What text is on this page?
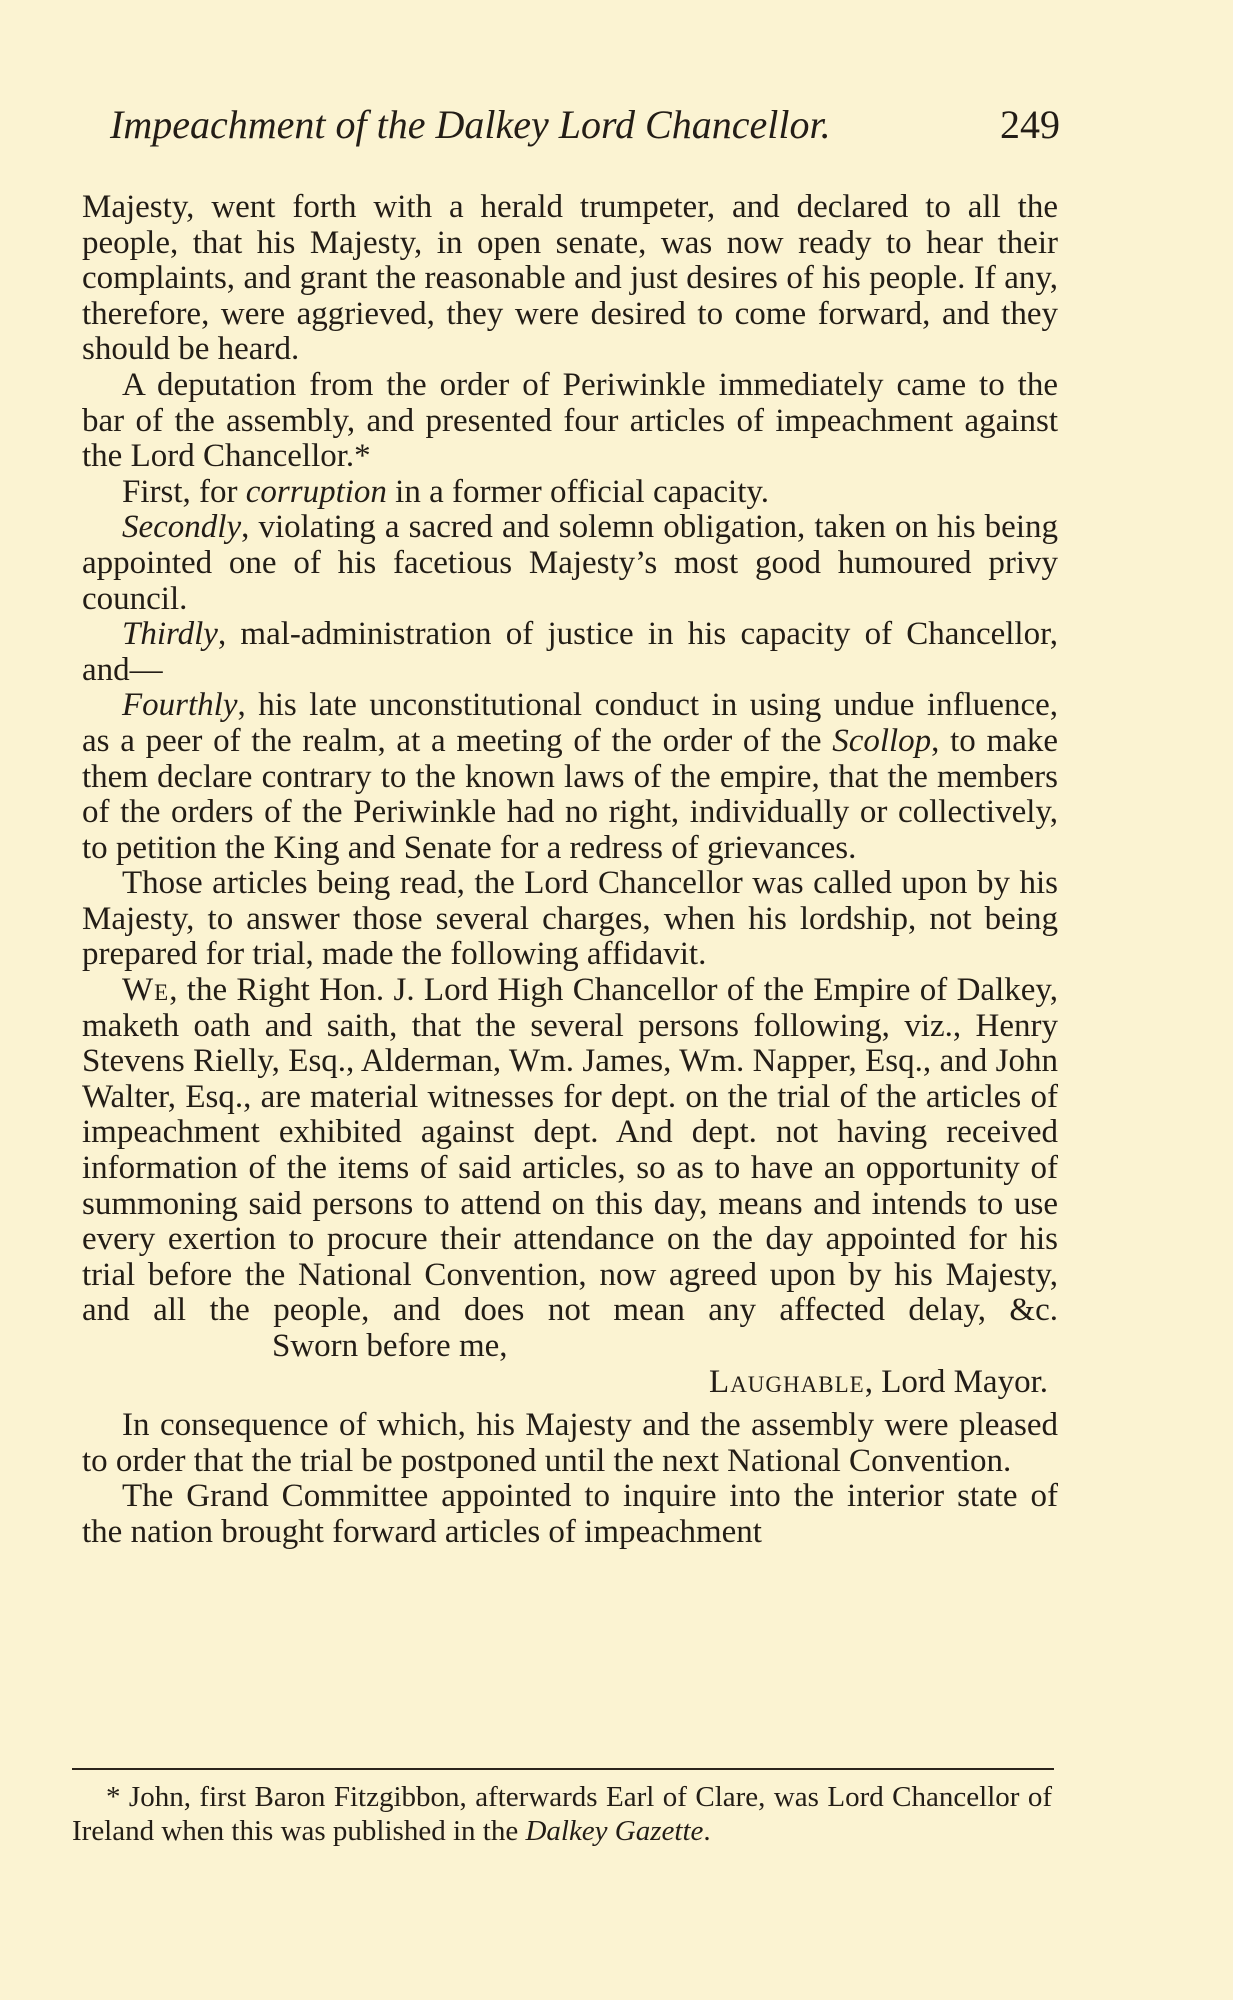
Impeachment of the Dalkey Lord Chancellor.	249

Majesty, went forth with a herald trumpeter, and declared to all the people, that his Majesty, in open senate, was now ready to hear their complaints, and grant the reasonable and just desires of his people. If any, therefore, were aggrieved, they were desired to come forward, and they should be heard.

A deputation from the order of Periwinkle immediately came to the bar of the assembly, and presented four articles of impeachment against the Lord Chancellor.*

First, for corruption in a former official capacity.

Secondly, violating a sacred and solemn obligation, taken on his being appointed one of his facetious Majesty’s most good humoured privy council.

Thirdly, mal-administration of justice in his capacity of Chancellor, and—

Fourthly, his late unconstitutional conduct in using undue influence, as a peer of the realm, at a meeting of the order of the Scollop, to make them declare contrary to the known laws of the empire, that the members of the orders of the Periwinkle had no right, individually or collectively, to petition the King and Senate for a redress of grievances.

Those articles being read, the Lord Chancellor was called upon by his Majesty, to answer those several charges, when his lordship, not being prepared for trial, made the following affidavit.

We, the Right Hon. J. Lord High Chancellor of the Empire of Dalkey, maketh oath and saith, that the several persons following, viz., Henry Stevens Rielly, Esq., Alderman, Wm. James, Wm. Napper, Esq., and John Walter, Esq., are material witnesses for dept. on the trial of the articles of impeachment exhibited against dept. And dept. not having received information of the items of said articles, so as to have an opportunity of summoning said persons to attend on this day, means and intends to use every exertion to procure their attendance on the day appointed for his trial before the National Convention, now agreed upon by his Majesty, and all the people, and does not mean any affected delay, &c.Sworn before me,

Laughable, Lord Mayor.

In consequence of which, his Majesty and the assembly were pleased to order that the trial be postponed until the next National Convention.

The Grand Committee appointed to inquire into the interior state of the nation brought forward articles of impeachment

* John, first Baron Fitzgibbon, afterwards Earl of Clare, was Lord Chancellor of Ireland when this was published in the Dalkey Gazette.
